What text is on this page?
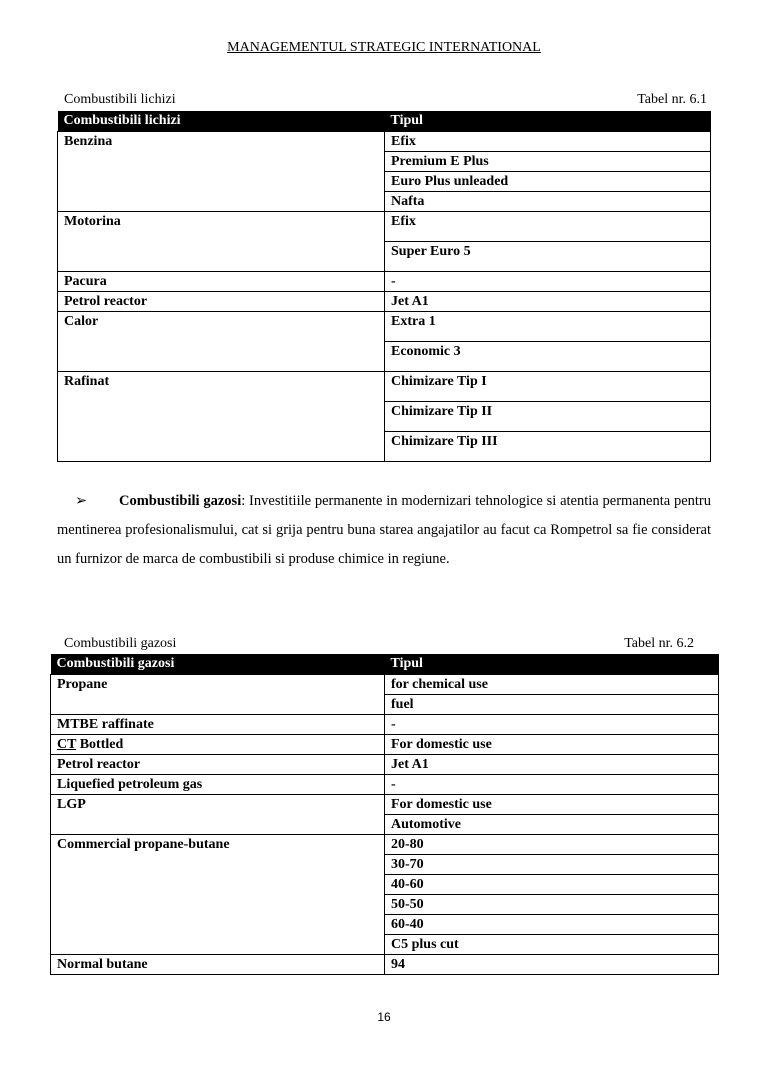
MANAGEMENTUL STRATEGIC INTERNATIONAL
Combustibili lichizi	Tabel nr. 6.1
Combustibili lichizi	Tipul
Benzina	Efix
	Premium E Plus
	Euro Plus unleaded
	Nafta
Motorina	Efix
	Super Euro 5
Pacura	-
Petrol reactor	Jet A1
Calor	Extra 1
	Economic 3
Rafinat	Chimizare Tip I
	Chimizare Tip II
	Chimizare Tip III
➢ Combustibili gazosi: Investitiile permanente in modernizari tehnologice si atentia permanenta pentru mentinerea profesionalismului, cat si grija pentru buna starea angajatilor au facut ca Rompetrol sa fie considerat un furnizor de marca de combustibili si produse chimice in regiune.
Combustibili gazosi	Tabel nr. 6.2
Combustibili gazosi	Tipul
Propane	for chemical use
	fuel
MTBE raffinate	-
CT Bottled	For domestic use
Petrol reactor	Jet A1
Liquefied petroleum gas	-
LGP	For domestic use
	Automotive
Commercial propane-butane	20-80
	30-70
	40-60
	50-50
	60-40
	C5 plus cut
Normal butane	94
16
